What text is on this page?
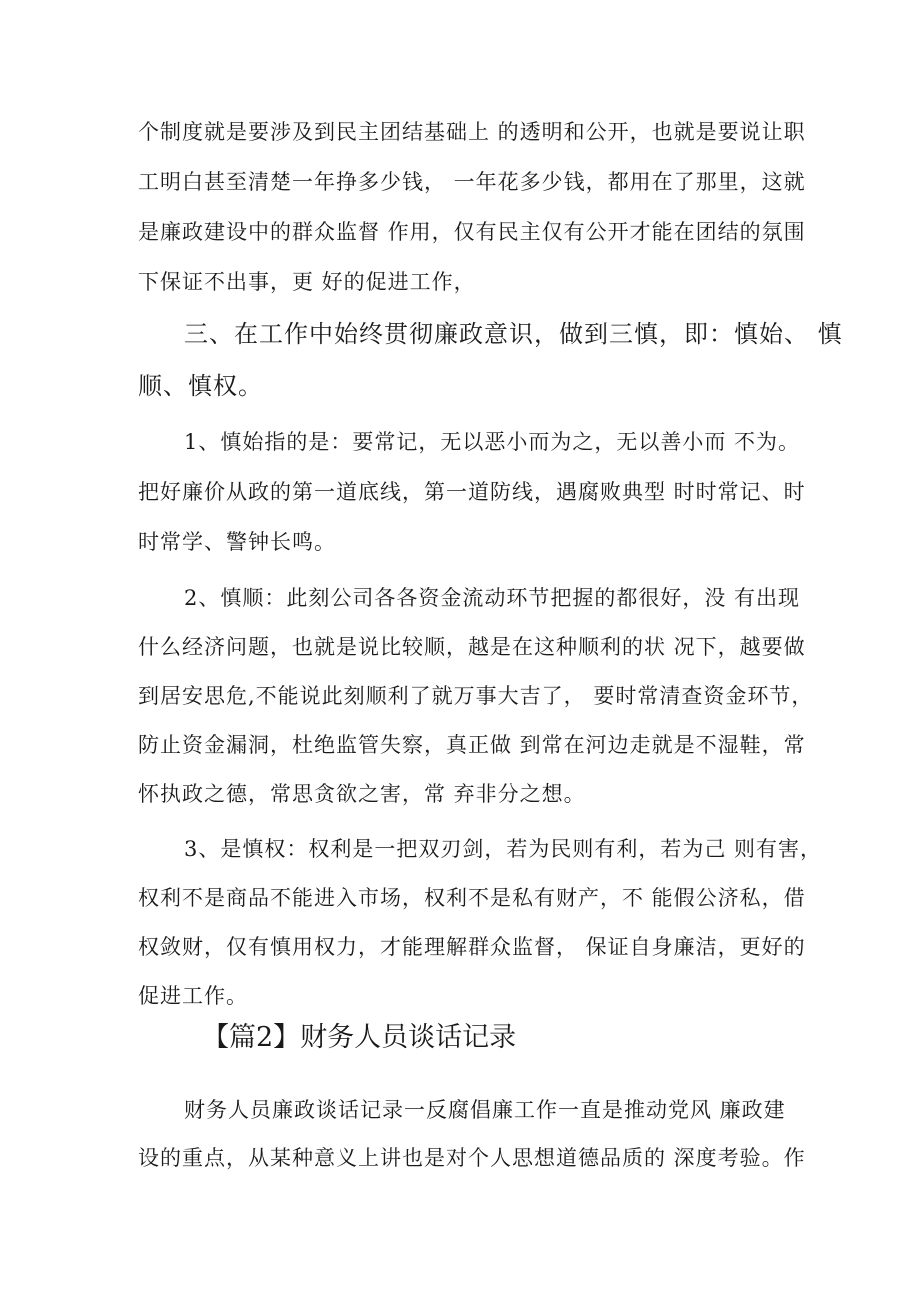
个制度就是要涉及到民主团结基础上 的透明和公开，也就是要说让职
工明白甚至清楚一年挣多少钱， 一年花多少钱，都用在了那里，这就
是廉政建设中的群众监督 作用，仅有民主仅有公开才能在团结的氛围
下保证不出事，更 好的促进工作，
三、在工作中始终贯彻廉政意识，做到三慎，即：慎始、 慎
顺、慎权。
1、慎始指的是：要常记，无以恶小而为之，无以善小而 不为。
把好廉价从政的第一道底线，第一道防线，遇腐败典型 时时常记、时
时常学、警钟长鸣。
2、慎顺：此刻公司各各资金流动环节把握的都很好，没 有出现
什么经济问题，也就是说比较顺，越是在这种顺利的状 况下，越要做
到居安思危,不能说此刻顺利了就万事大吉了， 要时常清查资金环节，
防止资金漏洞，杜绝监管失察，真正做 到常在河边走就是不湿鞋，常
怀执政之德，常思贪欲之害，常 弃非分之想。
3、是慎权：权利是一把双刃剑，若为民则有利，若为己 则有害，
权利不是商品不能进入市场，权利不是私有财产，不 能假公济私，借
权敛财，仅有慎用权力，才能理解群众监督， 保证自身廉洁，更好的
促进工作。
【篇2】财务人员谈话记录
财务人员廉政谈话记录一反腐倡廉工作一直是推动党风 廉政建
设的重点，从某种意义上讲也是对个人思想道德品质的 深度考验。作
